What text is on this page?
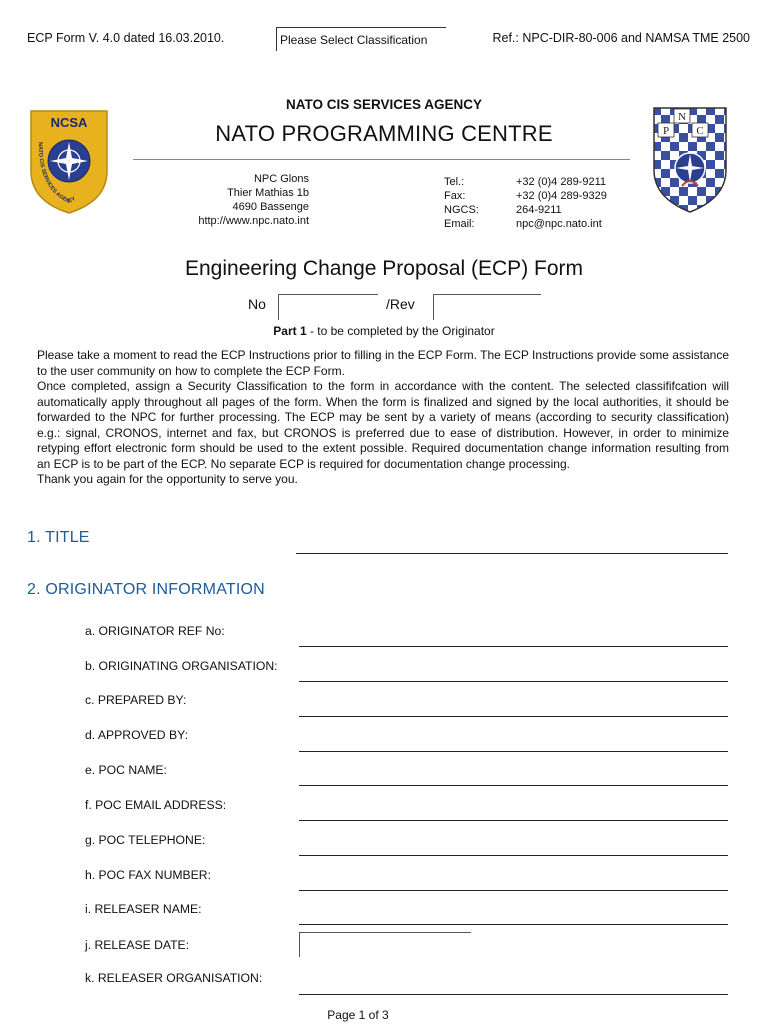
ECP Form V. 4.0 dated 16.03.2010.	Please Select Classification	Ref.: NPC-DIR-80-006 and NAMSA TME 2500
NCSA
NATO CIS SERVICES AGENCY
N
P C
NATO CIS SERVICES AGENCY
NATO PROGRAMMING CENTRE
NPC Glons
Thier Mathias 1b
4690 Bassenge
http://www.npc.nato.int
Tel.:	+32 (0)4 289-9211
Fax:	+32 (0)4 289-9329
NGCS:	264-9211
Email:	npc@npc.nato.int
Engineering Change Proposal (ECP) Form
No	/Rev
Part 1 - to be completed by the Originator

Please take a moment to read the ECP Instructions prior to filling in the ECP Form. The ECP Instructions provide some assistance to the user community on how to complete the ECP Form.

Once completed, assign a Security Classification to the form in accordance with the content. The selected classififcation will automatically apply throughout all pages of the form. When the form is finalized and signed by the local authorities, it should be forwarded to the NPC for further processing. The ECP may be sent by a variety of means (according to security classification) e.g.: signal, CRONOS, internet and fax, but CRONOS is preferred due to ease of distribution. However, in order to minimize retyping effort electronic form should be used to the extent possible. Required documentation change information resulting from an ECP is to be part of the ECP. No separate ECP is required for documentation change processing.

Thank you again for the opportunity to serve you.

1. TITLE
2. ORIGINATOR INFORMATION
a. ORIGINATOR REF No:
b. ORIGINATING ORGANISATION:
c. PREPARED BY:
d. APPROVED BY:
e. POC NAME:
f. POC EMAIL ADDRESS:
g. POC TELEPHONE:
h. POC FAX NUMBER:
i. RELEASER NAME:
j. RELEASE DATE:
k. RELEASER ORGANISATION:
Page 1 of 3
